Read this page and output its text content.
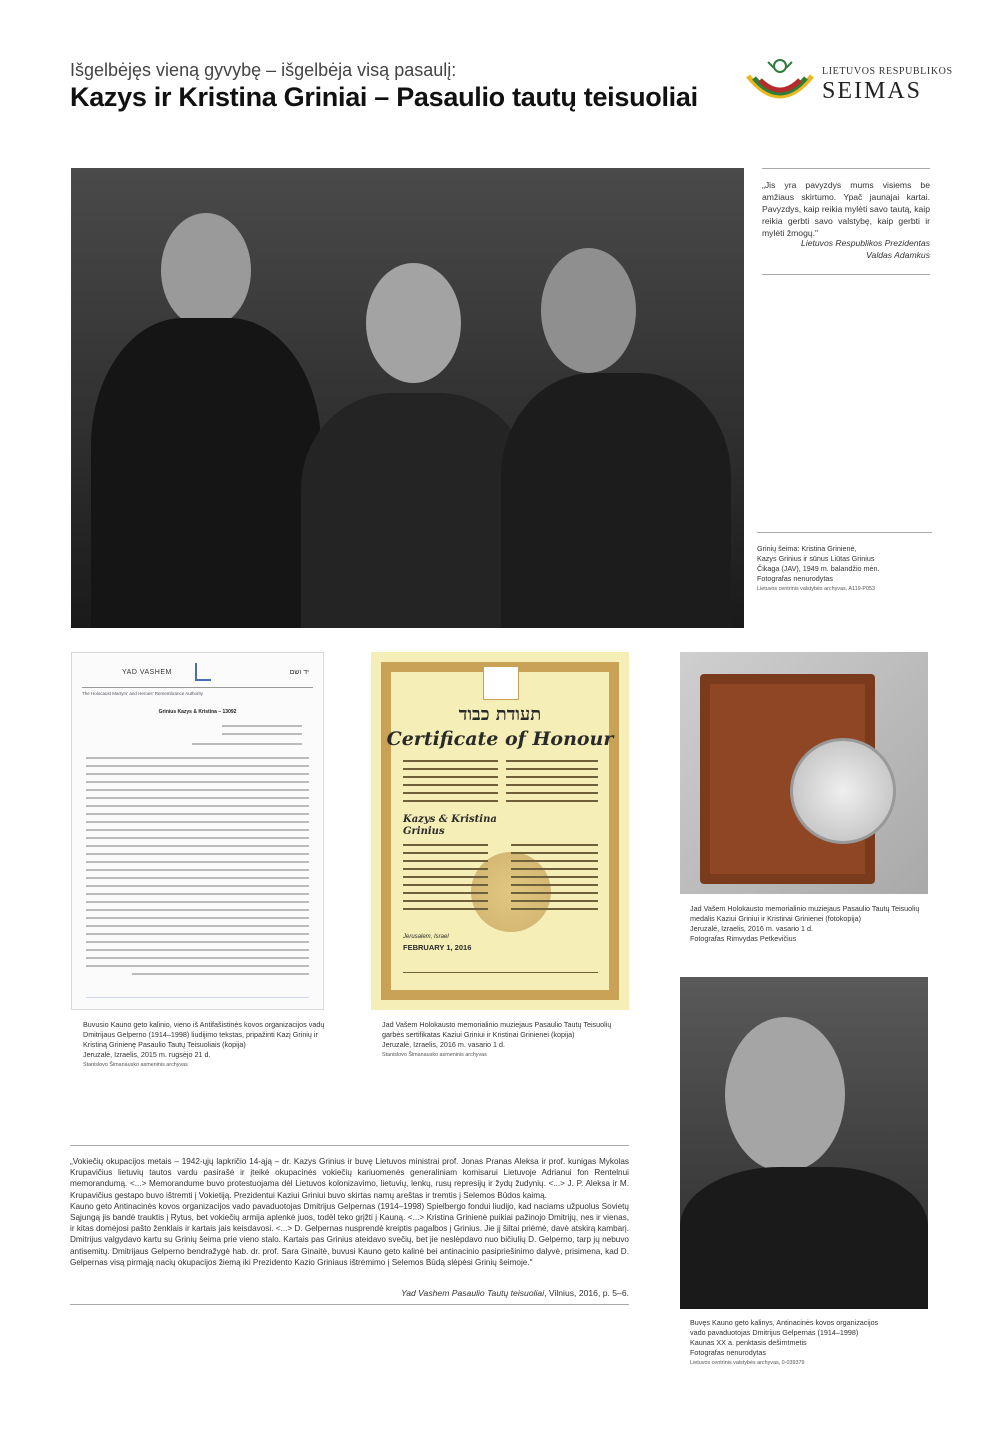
Išgelbėjęs vieną gyvybę – išgelbėja visą pasaulį:
Kazys ir Kristina Griniai – Pasaulio tautų teisuoliai
LIETUVOS RESPUBLIKOS
SEIMAS
„Jis yra pavyzdys mums visiems be amžiaus skirtumo. Ypač jaunajai kartai. Pavyzdys, kaip reikia mylėti savo tautą, kaip reikia gerbti savo valstybę, kaip gerbti ir mylėti žmogų."
Lietuvos Respublikos Prezidentas
Valdas Adamkus
Grinių šeima: Kristina Grinienė,
Kazys Grinius ir sūnus Liūtas Grinius
Čikaga (JAV), 1949 m. balandžio mėn.
Fotografas nenurodytas
Lietuvos centrinis valstybės archyvas, A119-P053
YAD VASHEM	יד ושם
The Holocaust Martyrs' and Heroes' Remembrance Authority
Grinius Kazys & Kristina – 13092	תעודת כבוד
Certificate of Honour
Kazys & Kristina
Grinius
Jerusalem, Israel
FEBRUARY 1, 2016
Jad Vašem Holokausto memorialinio muziejaus Pasaulio Tautų Teisuolių
medalis Kaziui Griniui ir Kristinai Grinienei (fotokopija)
Jeruzalė, Izraelis, 2016 m. vasario 1 d.
Fotografas Rimvydas Petkevičius
Buvusio Kauno geto kalinio, vieno iš Antifašistinės kovos organizacijos vadų
Dmitrijaus Gelperno (1914–1998) liudijimo tekstas, pripažinti Kazį Grinių ir
Kristiną Grinienę Pasaulio Tautų Teisuoliais (kopija)
Jeruzalė, Izraelis, 2015 m. rugsėjo 21 d.
Stanislovo Šimanausko asmeninis archyvas
Jad Vašem Holokausto memorialinio muziejaus Pasaulio Tautų Teisuolių
garbės sertifikatas Kaziui Griniui ir Kristinai Grinienei (kopija)
Jeruzalė, Izraelis, 2016 m. vasario 1 d.
Stanislovo Šimanausko asmeninis archyvas
Buvęs Kauno geto kalinys, Antinacinės kovos organizacijos
vado pavaduotojas Dmitrijus Gelpernas (1914–1998)
Kaunas XX a. penktasis dešimtmetis
Fotografas nenurodytas
Lietuvos centrinis valstybės archyvas, 0-039379

„Vokiečių okupacijos metais – 1942-ųjų lapkričio 14-ąją – dr. Kazys Grinius ir buvę Lietuvos ministrai prof. Jonas Pranas Aleksa ir prof. kunigas Mykolas Krupavičius lietuvių tautos vardu pasirašė ir įteikė okupacinės vokiečių kariuomenės generaliniam komisarui Lietuvoje Adrianui fon Rentelnui memorandumą. <...> Memorandume buvo protestuojama dėl Lietuvos kolonizavimo, lietuvių, lenkų, rusų represijų ir žydų žudynių. <...> J. P. Aleksa ir M. Krupavičius gestapo buvo ištremti į Vokietiją. Prezidentui Kaziui Griniui buvo skirtas namų areštas ir tremtis į Selemos Būdos kaimą.

Kauno geto Antinacinės kovos organizacijos vado pavaduotojas Dmitrijus Gelpernas (1914–1998) Spielbergo fondui liudijo, kad naciams užpuolus Sovietų Sąjungą jis bandė trauktis į Rytus, bet vokiečių armija aplenkė juos, todėl teko grįžti į Kauną. <...> Kristina Grinienė puikiai pažinojo Dmitrijų, nes ir vienas, ir kitas domėjosi pašto ženklais ir kartais jais keisdavosi. <...> D. Gelpernas nusprendė kreiptis pagalbos į Grinius. Jie jį šiltai priėmė, davė atskirą kambarį. Dmitrijus valgydavo kartu su Grinių šeima prie vieno stalo. Kartais pas Grinius ateidavo svečių, bet jie neslėpdavo nuo bičiulių D. Gelperno, tarp jų nebuvo antisemitų. Dmitrijaus Gelperno bendražygė hab. dr. prof. Sara Ginaitė, buvusi Kauno geto kalinė bei antinacinio pasipriešinimo dalyvė, prisimena, kad D. Gelpernas visą pirmąją nacių okupacijos žiemą iki Prezidento Kazio Griniaus ištrėmimo į Selemos Būdą slėpėsi Grinių šeimoje."

Yad Vashem Pasaulio Tautų teisuoliai, Vilnius, 2016, p. 5–6.
